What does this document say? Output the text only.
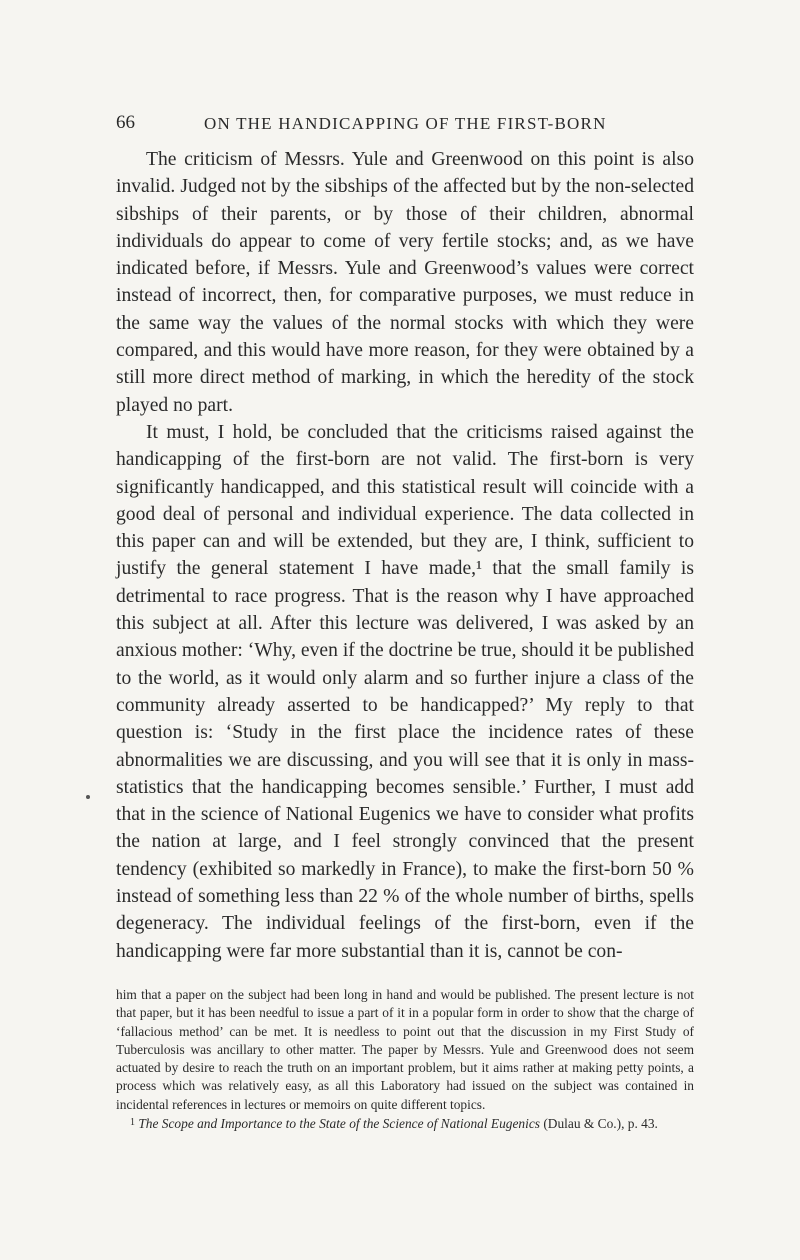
66	ON THE HANDICAPPING OF THE FIRST-BORN

The criticism of Messrs. Yule and Greenwood on this point is also invalid. Judged not by the sibships of the affected but by the non-selected sibships of their parents, or by those of their children, abnormal individuals do appear to come of very fertile stocks; and, as we have indicated before, if Messrs. Yule and Greenwood’s values were correct instead of incorrect, then, for comparative purposes, we must reduce in the same way the values of the normal stocks with which they were compared, and this would have more reason, for they were obtained by a still more direct method of marking, in which the heredity of the stock played no part.

It must, I hold, be concluded that the criticisms raised against the handicapping of the first-born are not valid. The first-born is very significantly handicapped, and this statistical result will coincide with a good deal of personal and individual experience. The data collected in this paper can and will be extended, but they are, I think, sufficient to justify the general statement I have made,¹ that the small family is detrimental to race progress. That is the reason why I have approached this subject at all. After this lecture was delivered, I was asked by an anxious mother: ‘Why, even if the doctrine be true, should it be published to the world, as it would only alarm and so further injure a class of the community already asserted to be handicapped?’ My reply to that question is: ‘Study in the first place the incidence rates of these abnormalities we are discussing, and you will see that it is only in mass-statistics that the handicapping becomes sensible.’ Further, I must add that in the science of National Eugenics we have to consider what profits the nation at large, and I feel strongly convinced that the present tendency (exhibited so markedly in France), to make the first-born 50 % instead of something less than 22 % of the whole number of births, spells degeneracy. The individual feelings of the first-born, even if the handicapping were far more substantial than it is, cannot be con-

him that a paper on the subject had been long in hand and would be published. The present lecture is not that paper, but it has been needful to issue a part of it in a popular form in order to show that the charge of ‘fallacious method’ can be met. It is needless to point out that the discussion in my First Study of Tuberculosis was ancillary to other matter. The paper by Messrs. Yule and Greenwood does not seem actuated by desire to reach the truth on an important problem, but it aims rather at making petty points, a process which was relatively easy, as all this Laboratory had issued on the subject was contained in incidental references in lectures or memoirs on quite different topics.

$^1$ The Scope and Importance to the State of the Science of National Eugenics (Dulau & Co.), p. 43.
